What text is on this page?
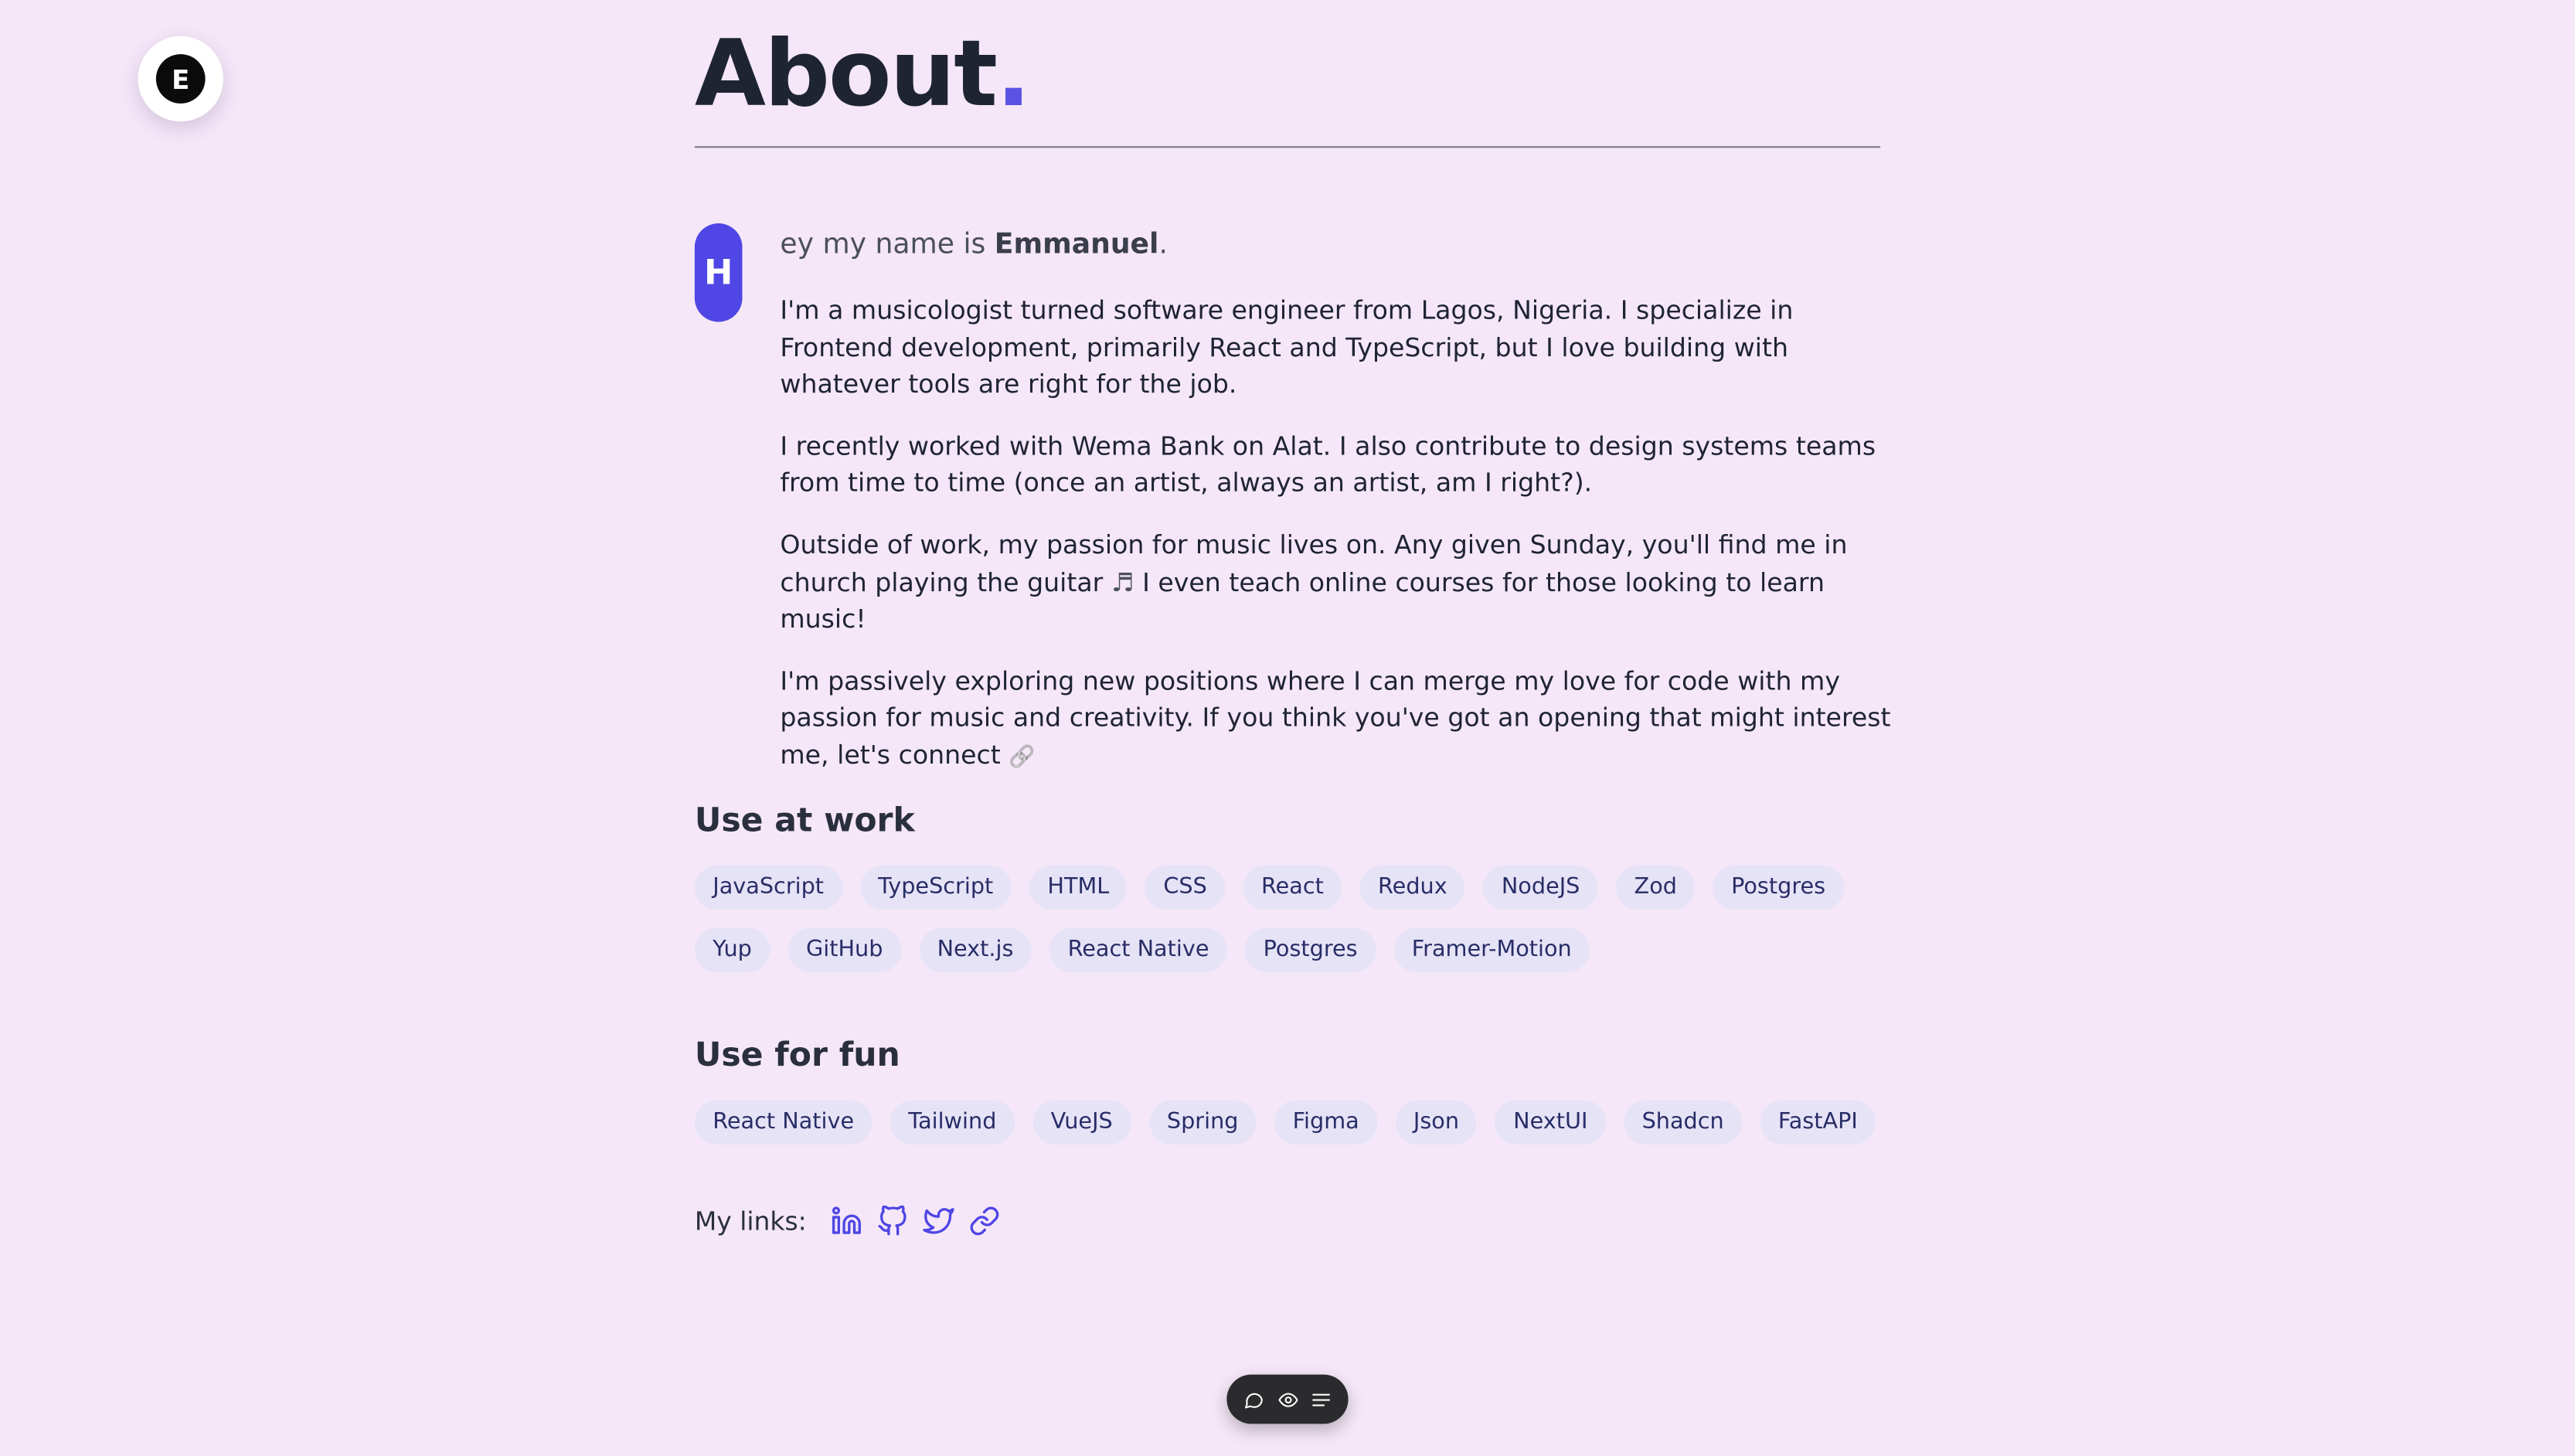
E	About.
H
ey my name is Emmanuel.

I'm a musicologist turned software engineer from Lagos, Nigeria. I specialize in Frontend development, primarily React and TypeScript, but I love building with whatever tools are right for the job.

I recently worked with Wema Bank on Alat. I also contribute to design systems teams from time to time (once an artist, always an artist, am I right?).

Outside of work, my passion for music lives on. Any given Sunday, you'll find me in church playing the guitar ♬ I even teach online courses for those looking to learn music!

I'm passively exploring new positions where I can merge my love for code with my passion for music and creativity. If you think you've got an opening that might interest me, let's connect 🔗

Use at work
JavaScript	TypeScript	HTML	CSS	React	Redux	NodeJS	Zod	Postgres
Yup	GitHub	Next.js	React Native	Postgres	Framer-Motion
Use for fun
React Native	Tailwind	VueJS	Spring	Figma	Json	NextUI	Shadcn	FastAPI
My links:
